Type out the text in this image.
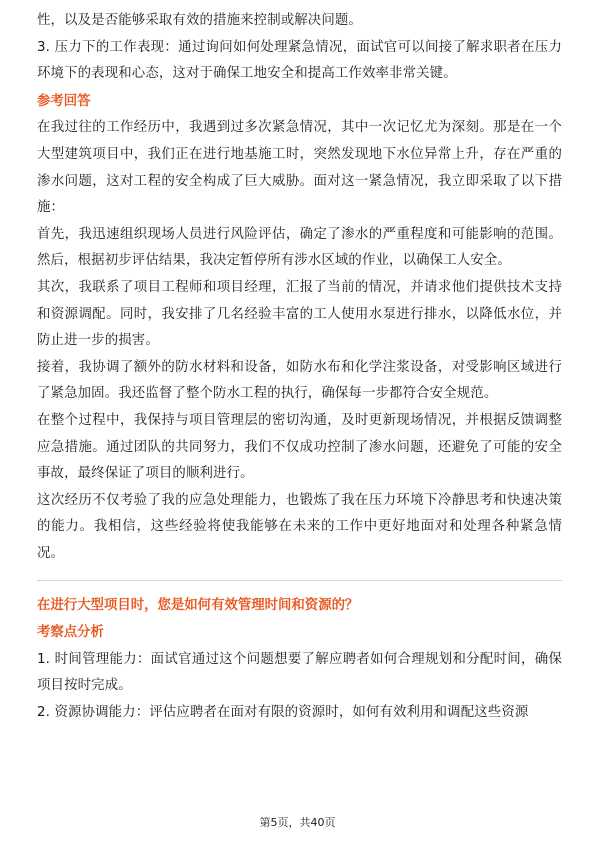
性，以及是否能够采取有效的措施来控制或解决问题。

3. 压力下的工作表现：通过询问如何处理紧急情况，面试官可以间接了解求职者在压力环境下的表现和心态，这对于确保工地安全和提高工作效率非常关键。

参考回答

在我过往的工作经历中，我遇到过多次紧急情况，其中一次记忆尤为深刻。那是在一个大型建筑项目中，我们正在进行地基施工时，突然发现地下水位异常上升，存在严重的渗水问题，这对工程的安全构成了巨大威胁。面对这一紧急情况，我立即采取了以下措施：

首先，我迅速组织现场人员进行风险评估，确定了渗水的严重程度和可能影响的范围。然后，根据初步评估结果，我决定暂停所有涉水区域的作业，以确保工人安全。

其次，我联系了项目工程师和项目经理，汇报了当前的情况，并请求他们提供技术支持和资源调配。同时，我安排了几名经验丰富的工人使用水泵进行排水，以降低水位，并防止进一步的损害。

接着，我协调了额外的防水材料和设备，如防水布和化学注浆设备，对受影响区域进行了紧急加固。我还监督了整个防水工程的执行，确保每一步都符合安全规范。

在整个过程中，我保持与项目管理层的密切沟通，及时更新现场情况，并根据反馈调整应急措施。通过团队的共同努力，我们不仅成功控制了渗水问题，还避免了可能的安全事故，最终保证了项目的顺利进行。

这次经历不仅考验了我的应急处理能力，也锻炼了我在压力环境下冷静思考和快速决策的能力。我相信，这些经验将使我能够在未来的工作中更好地面对和处理各种紧急情况。

在进行大型项目时，您是如何有效管理时间和资源的？

考察点分析

1. 时间管理能力：面试官通过这个问题想要了解应聘者如何合理规划和分配时间，确保项目按时完成。

2. 资源协调能力：评估应聘者在面对有限的资源时，如何有效利用和调配这些资源

第5页，共40页
